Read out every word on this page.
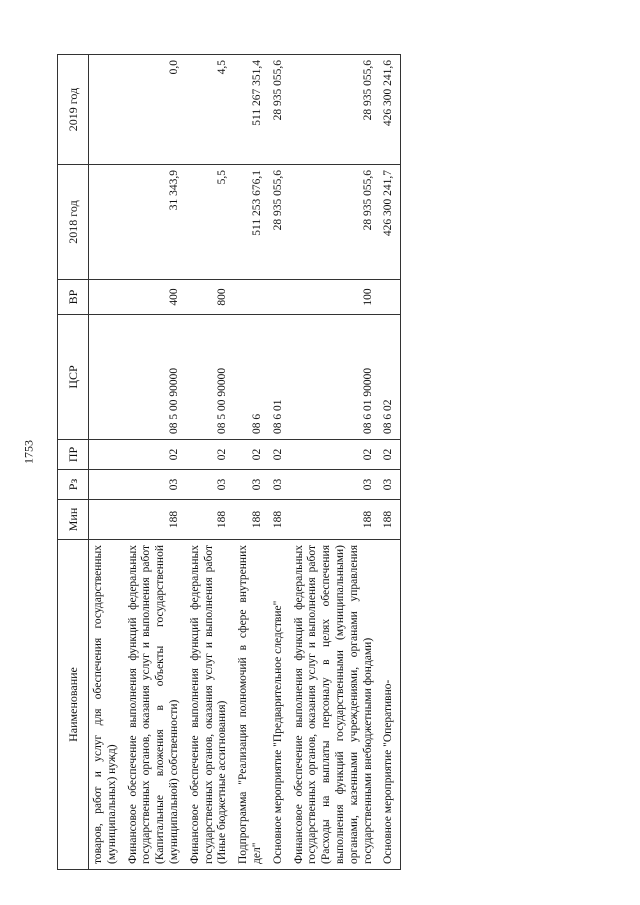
1753
Наименование	Мин	Рз	ПР	ЦСР	ВР	2018 год	2019 год
товаров, работ и услуг для обеспечения государственных (муниципальных) нужд)							
Финансовое обеспечение выполнения функций федеральных государственных органов, оказания услуг и выполнения работ (Капитальные вложения в объекты государственной (муниципальной) собственности)	188	03	02	08 5 00 90000	400	31 343,9	0,0
Финансовое обеспечение выполнения функций федеральных государственных органов, оказания услуг и выполнения работ (Иные бюджетные ассигнования)	188	03	02	08 5 00 90000	800	5,5	4,5
Подпрограмма "Реализация полномочий в сфере внутренних дел"	188	03	02	08 6		511 253 676,1	511 267 351,4
Основное мероприятие "Предварительное следствие"	188	03	02	08 6 01		28 935 055,6	28 935 055,6
Финансовое обеспечение выполнения функций федеральных государственных органов, оказания услуг и выполнения работ (Расходы на выплаты персоналу в целях обеспечения выполнения функций государственными (муниципальными) органами, казенными учреждениями, органами управления государственными внебюджетными фондами)	188	03	02	08 6 01 90000	100	28 935 055,6	28 935 055,6
Основное мероприятие "Оперативно-	188	03	02	08 6 02		426 300 241,7	426 300 241,6
